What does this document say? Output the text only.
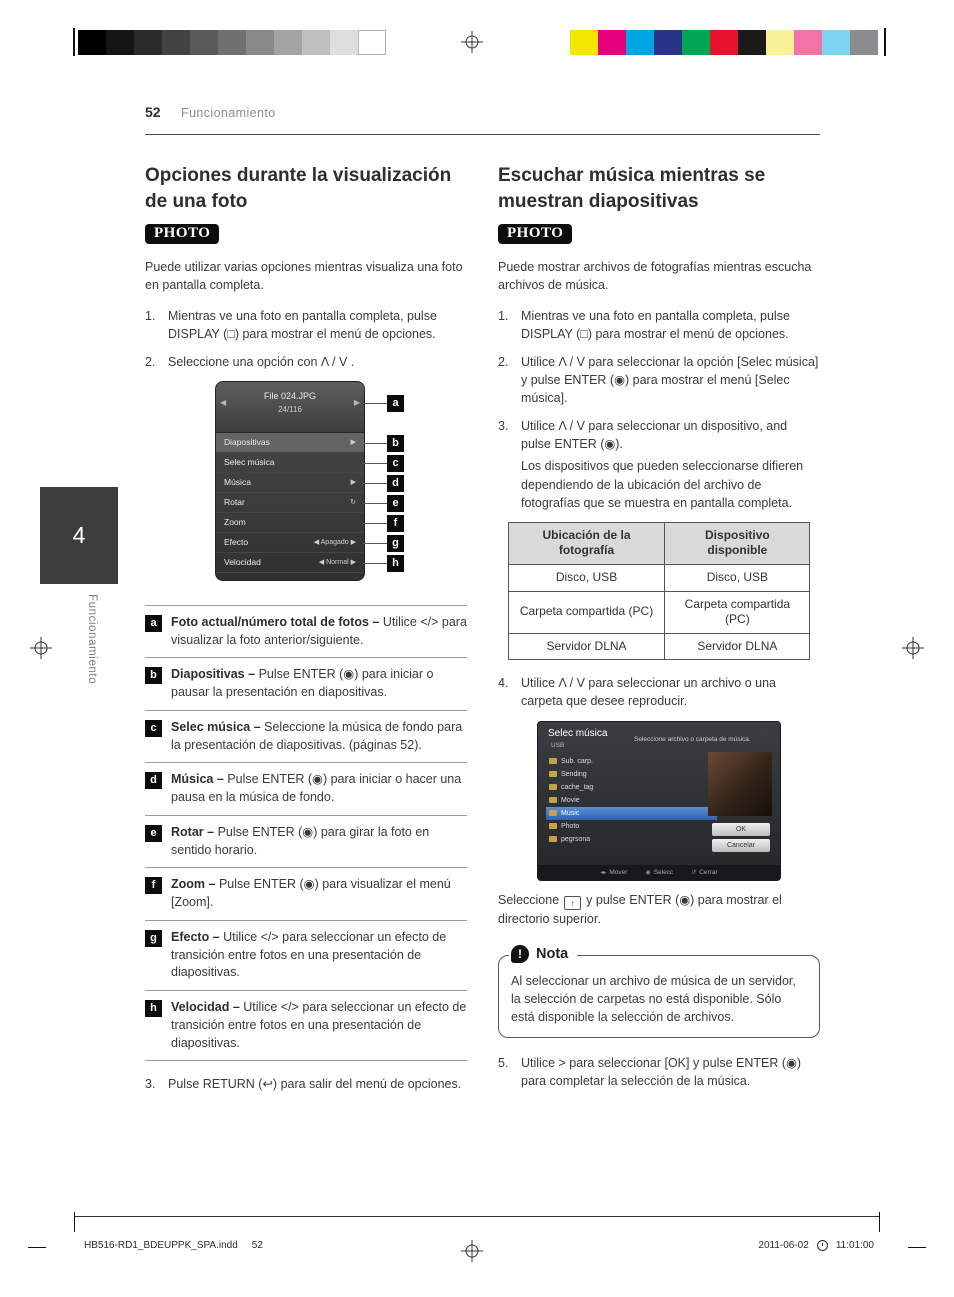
52 Funcionamiento
4
Funcionamiento
Opciones durante la visualización de una foto
PHOTO

Puede utilizar varias opciones mientras visualiza una foto en pantalla completa.

1.	Mientras ve una foto en pantalla completa, pulse DISPLAY (□) para mostrar el menú de opciones.
2.	Seleccione una opción con Λ / V .
◀
File 024.JPG
24/116
▶
Diapositivas	▶
Selec música
Música	▶
Rotar	↻
Zoom
Efecto	◀ Apagado ▶
Velocidad	◀ Normal ▶
a
b
c
d
e
f
g
h
a	Foto actual/número total de fotos – Utilice </> para visualizar la foto anterior/siguiente.
b	Diapositivas – Pulse ENTER (◉) para iniciar o pausar la presentación en diapositivas.
c	Selec música – Seleccione la música de fondo para la presentación de diapositivas. (páginas 52).
d	Música – Pulse ENTER (◉) para iniciar o hacer una pausa en la música de fondo.
e	Rotar – Pulse ENTER (◉) para girar la foto en sentido horario.
f	Zoom – Pulse ENTER (◉) para visualizar el menú [Zoom].
g	Efecto – Utilice </> para seleccionar un efecto de transición entre fotos en una presentación de diapositivas.
h	Velocidad – Utilice </> para seleccionar un efecto de transición entre fotos en una presentación de diapositivas.
3.	Pulse RETURN (↩) para salir del menú de opciones.
Escuchar música mientras se muestran diapositivas
PHOTO

Puede mostrar archivos de fotografías mientras escucha archivos de música.

1.	Mientras ve una foto en pantalla completa, pulse DISPLAY (□) para mostrar el menú de opciones.
2.	Utilice Λ / V para seleccionar la opción [Selec música] y pulse ENTER (◉) para mostrar el menú [Selec música].
3.	Utilice Λ / V para seleccionar un dispositivo, and pulse ENTER (◉).

Los dispositivos que pueden seleccionarse difieren dependiendo de la ubicación del archivo de fotografías que se muestra en pantalla completa.

Ubicación de la fotografía	Dispositivo disponible
Disco, USB	Disco, USB
Carpeta compartida (PC)	Carpeta compartida (PC)
Servidor DLNA	Servidor DLNA
4.	Utilice Λ / V para seleccionar un archivo o una carpeta que desee reproducir.
Selec música
USB
Seleccione archivo o carpeta de música.
Sub. carp.
Sending
cache_tag
Movie
Music
Photo
pegrsona
OK
Cancelar
◂▸ Mover	◉ Selecc	↺ Cerrar

Seleccione ↑ y pulse ENTER (◉) para mostrar el directorio superior.

! Nota

Al seleccionar un archivo de música de un servidor, la selección de carpetas no está disponible. Sólo está disponible la selección de archivos.

5.	Utilice > para seleccionar [OK] y pulse ENTER (◉) para completar la selección de la música.
HB516-RD1_BDEUPPK_SPA.indd 52	2011-06-02	11:01:00
